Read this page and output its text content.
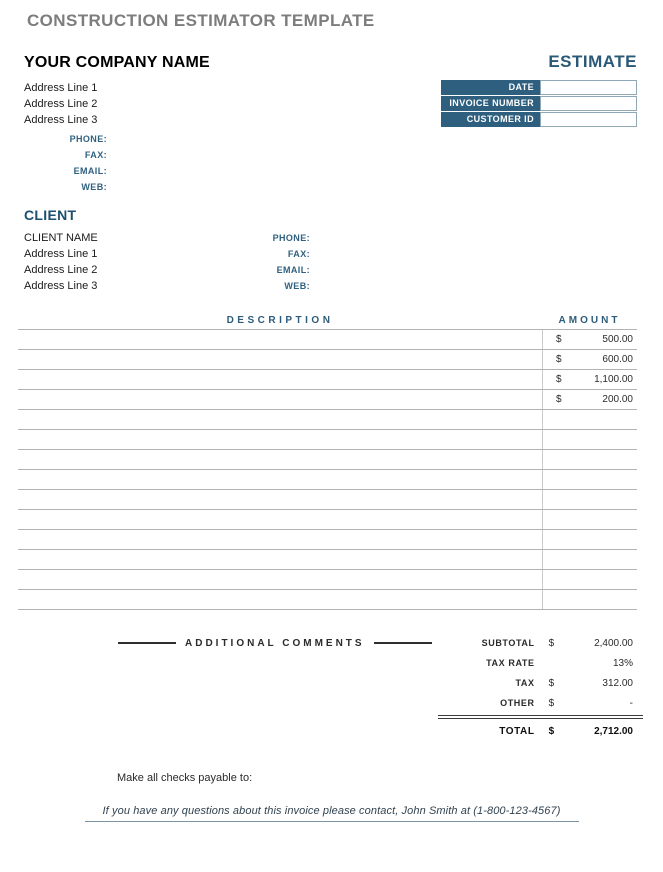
CONSTRUCTION ESTIMATOR TEMPLATE
YOUR COMPANY NAME	ESTIMATE
Address Line 1
Address Line 2
Address Line 3
PHONE:
FAX:
EMAIL:
WEB:
DATE
INVOICE NUMBER
CUSTOMER ID
CLIENT
CLIENT NAME
Address Line 1
Address Line 2
Address Line 3
PHONE:
FAX:
EMAIL:
WEB:
DESCRIPTION	AMOUNT
$	500.00
$	600.00
$	1,100.00
$	200.00
ADDITIONAL COMMENTS	SUBTOTAL $	2,400.00
TAX RATE	13%
TAX $	312.00
OTHER $	-
TOTAL $	2,712.00
Make all checks payable to:
If you have any questions about this invoice please contact, John Smith at (1-800-123-4567)
